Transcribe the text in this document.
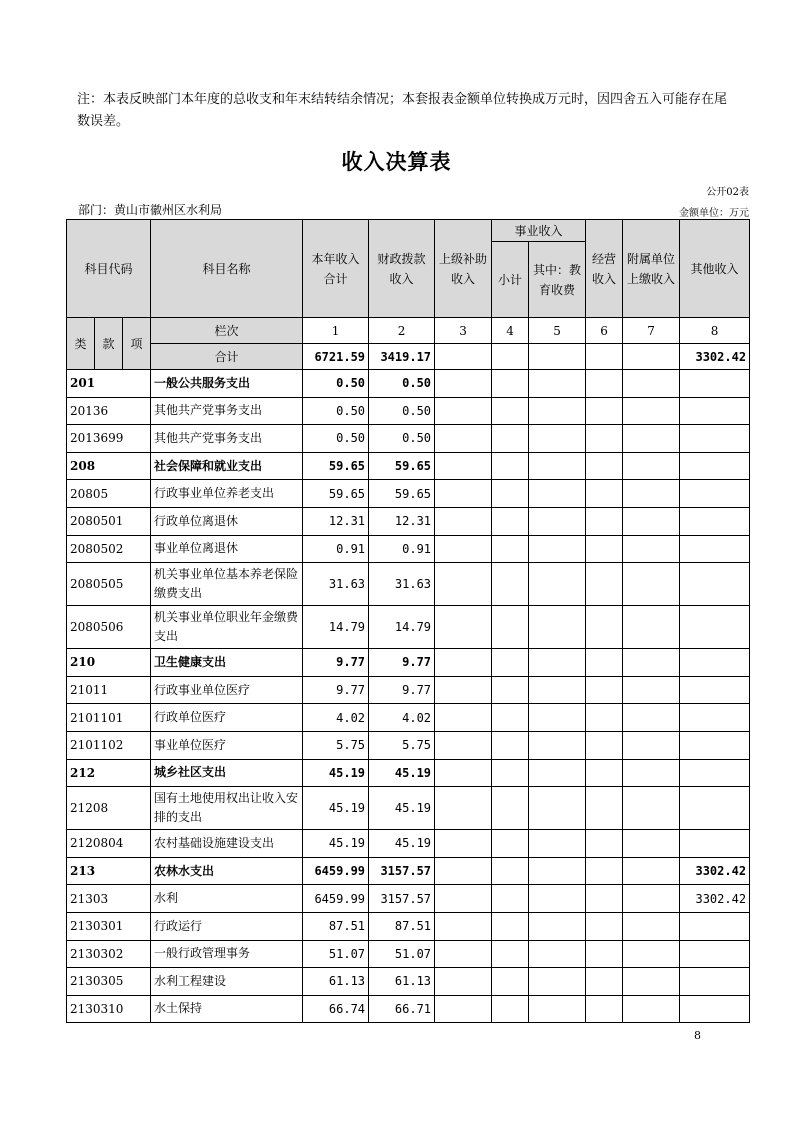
注：本表反映部门本年度的总收支和年末结转结余情况；本套报表金额单位转换成万元时，因四舍五入可能存在尾数误差。
收入决算表
公开02表
部门：黄山市徽州区水利局	金额单位：万元
科目代码			科目名称	本年收入合计	财政拨款收入	上级补助收入	事业收入		经营收入	附属单位上缴收入	其他收入
							小计	其中：教育收费			

类	款	项	栏次	1	2	3	4	5	6	7	8
			合计	6721.59	3419.17						3302.42
201			一般公共服务支出	0.50	0.50						
20136			其他共产党事务支出	0.50	0.50						
2013699			其他共产党事务支出	0.50	0.50						
208			社会保障和就业支出	59.65	59.65						
20805			行政事业单位养老支出	59.65	59.65						
2080501			行政单位离退休	12.31	12.31						
2080502			事业单位离退休	0.91	0.91						
2080505			机关事业单位基本养老保险缴费支出	31.63	31.63						
2080506			机关事业单位职业年金缴费支出	14.79	14.79						
210			卫生健康支出	9.77	9.77						
21011			行政事业单位医疗	9.77	9.77						
2101101			行政单位医疗	4.02	4.02						
2101102			事业单位医疗	5.75	5.75						
212			城乡社区支出	45.19	45.19						
21208			国有土地使用权出让收入安排的支出	45.19	45.19						
2120804			农村基础设施建设支出	45.19	45.19						
213			农林水支出	6459.99	3157.57						3302.42
21303			水利	6459.99	3157.57						3302.42
2130301			行政运行	87.51	87.51						
2130302			一般行政管理事务	51.07	51.07						
2130305			水利工程建设	61.13	61.13						
2130310			水土保持	66.74	66.71						
8
